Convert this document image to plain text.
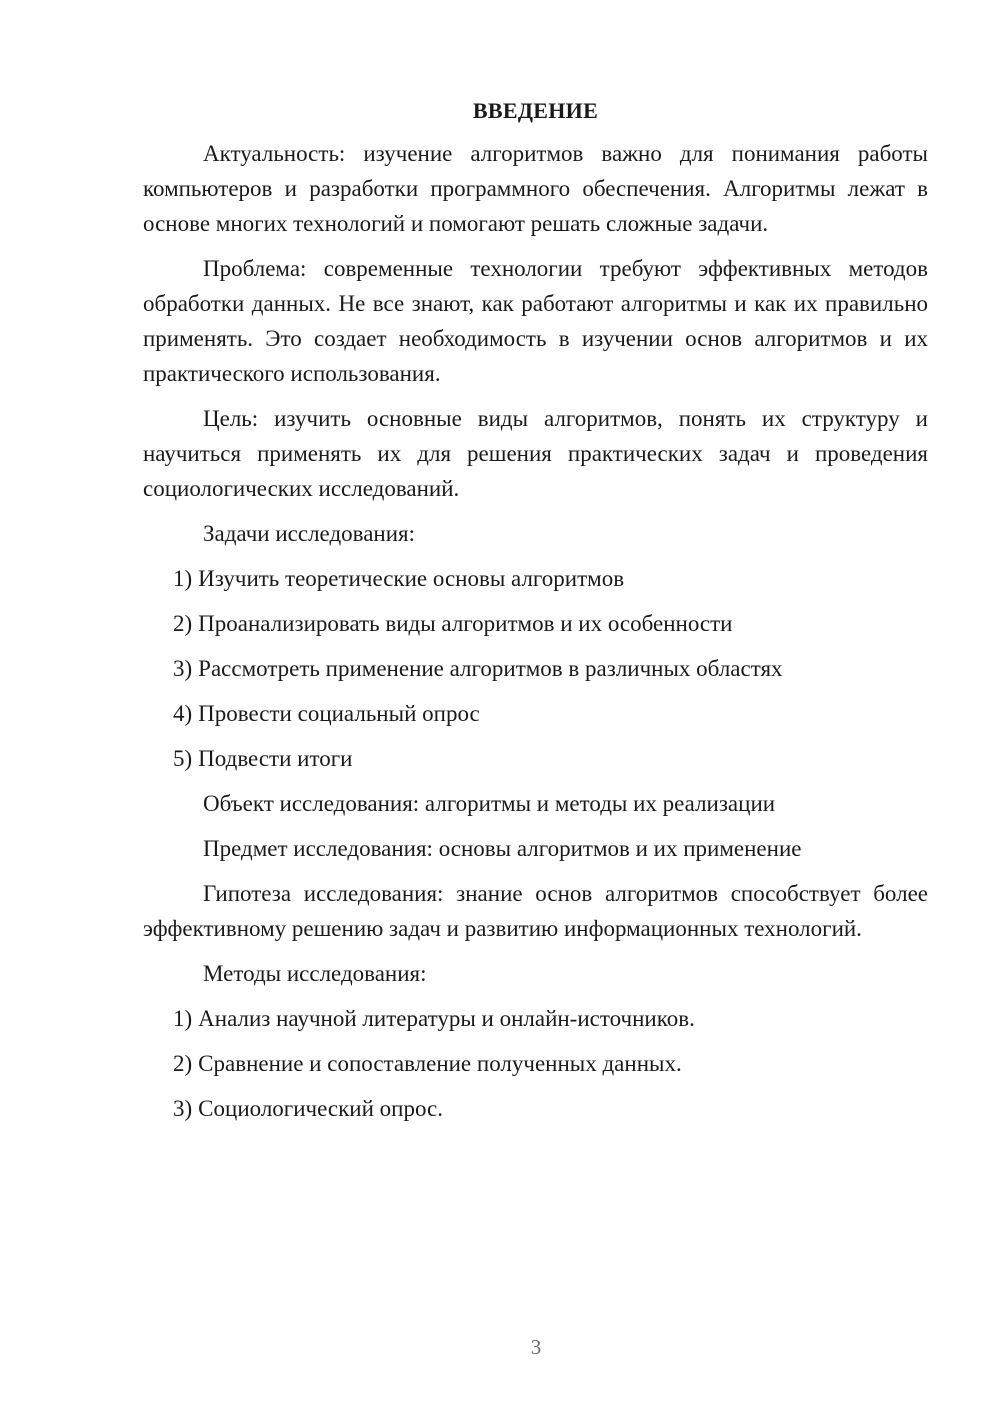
ВВЕДЕНИЕ

Актуальность: изучение алгоритмов важно для понимания работы компьютеров и разработки программного обеспечения. Алгоритмы лежат в основе многих технологий и помогают решать сложные задачи.

Проблема: современные технологии требуют эффективных методов обработки данных. Не все знают, как работают алгоритмы и как их правильно применять. Это создает необходимость в изучении основ алгоритмов и их практического использования.

Цель: изучить основные виды алгоритмов, понять их структуру и научиться применять их для решения практических задач и проведения социологических исследований.

Задачи исследования:
1) Изучить теоретические основы алгоритмов
2) Проанализировать виды алгоритмов и их особенности
3) Рассмотреть применение алгоритмов в различных областях
4) Провести социальный опрос
5) Подвести итоги
Объект исследования: алгоритмы и методы их реализации
Предмет исследования: основы алгоритмов и их применение

Гипотеза исследования: знание основ алгоритмов способствует более эффективному решению задач и развитию информационных технологий.

Методы исследования:
1) Анализ научной литературы и онлайн-источников.
2) Сравнение и сопоставление полученных данных.
3) Социологический опрос.
3
